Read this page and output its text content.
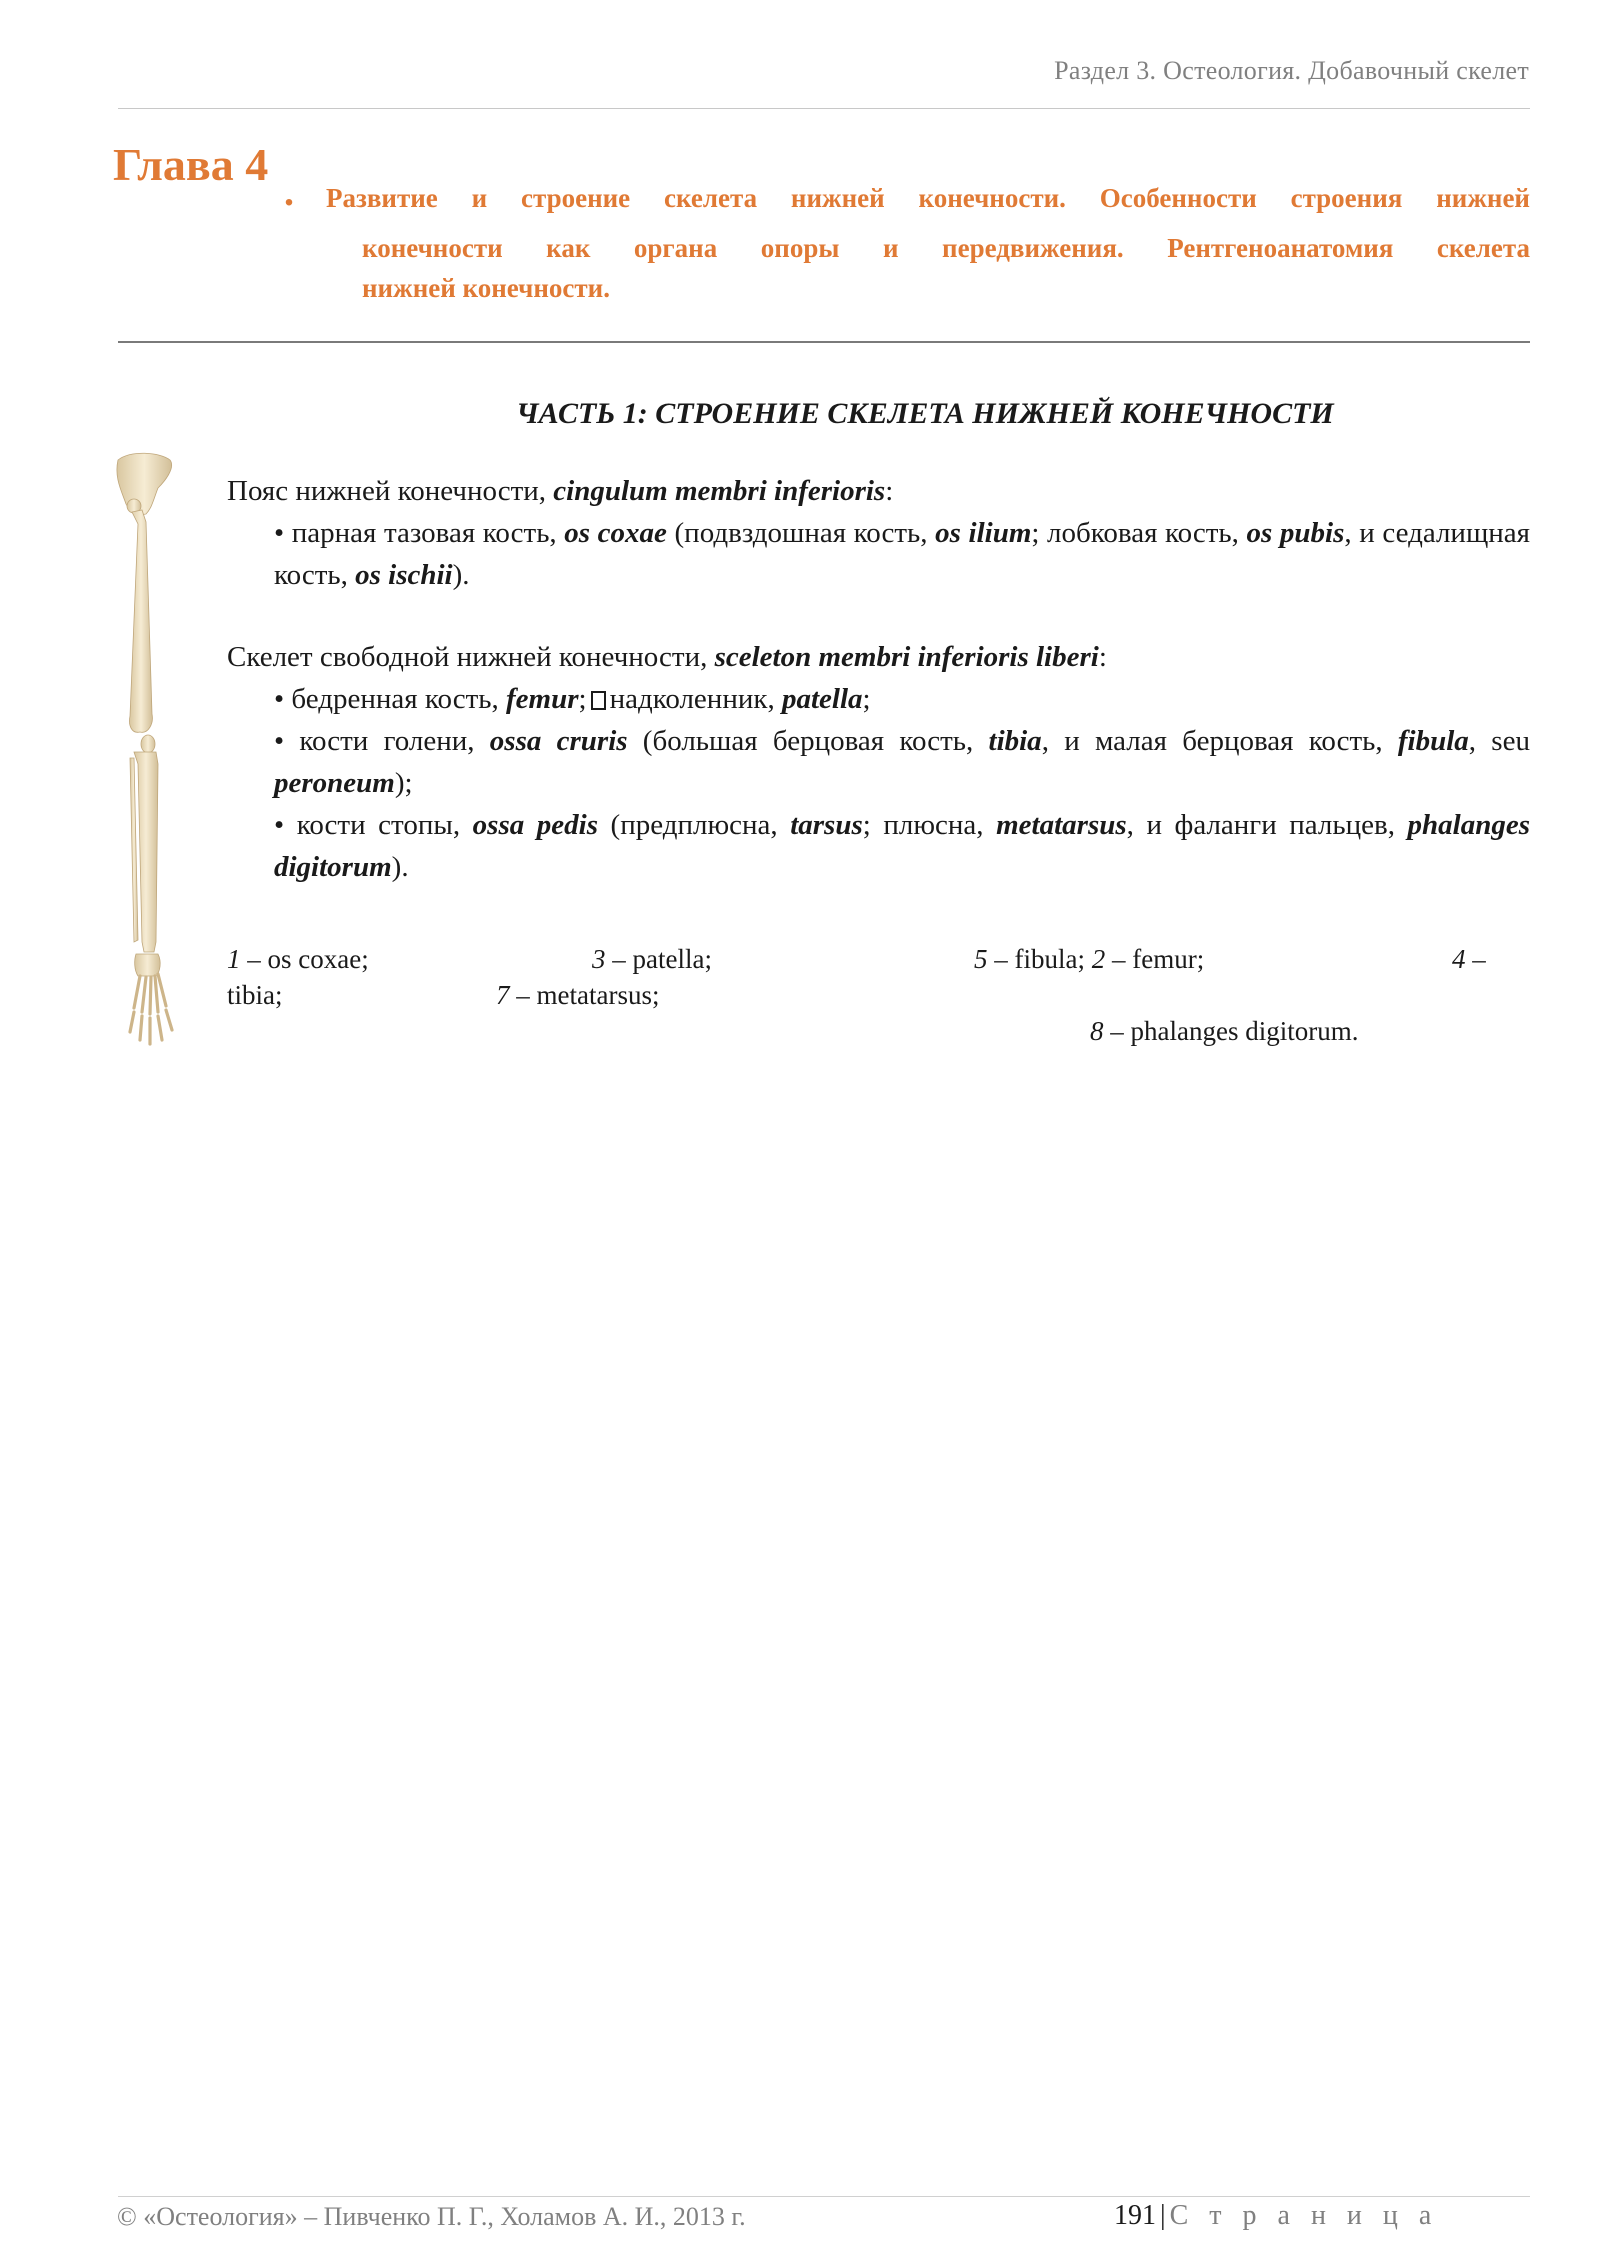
Раздел 3. Остеология. Добавочный скелет
Глава 4
. Развитие и строение скелета нижней конечности. Особенности строения нижней
конечности как органа опоры и передвижения. Рентгеноанатомия скелета
нижней конечности.

ЧАСТЬ 1: СТРОЕНИЕ СКЕЛЕТА НИЖНЕЙ КОНЕЧНОСТИ

Пояс нижней конечности, cingulum membri inferioris:

• парная тазовая кость, os coxae (подвздошная кость, os ilium; лобковая кость, os pubis, и седалищная кость, os ischii).

Скелет свободной нижней конечности, sceleton membri inferioris liberi:

• бедренная кость, femur; надколенник, patella;

• кости голени, ossa cruris (большая берцовая кость, tibia, и малая берцовая кость, fibula, seu peroneum);

• кости стопы, ossa pedis (предплюсна, tarsus; плюсна, metatarsus, и фаланги пальцев, phalanges digitorum).

1 – os coxae;	3 – patella;	5 – fibula; 2 – femur;	4 –
tibia;	7 – metatarsus;
8 – phalanges digitorum.
© «Остеология» – Пивченко П. Г., Холамов А. И., 2013 г.	191 | С т р а н и ц а
